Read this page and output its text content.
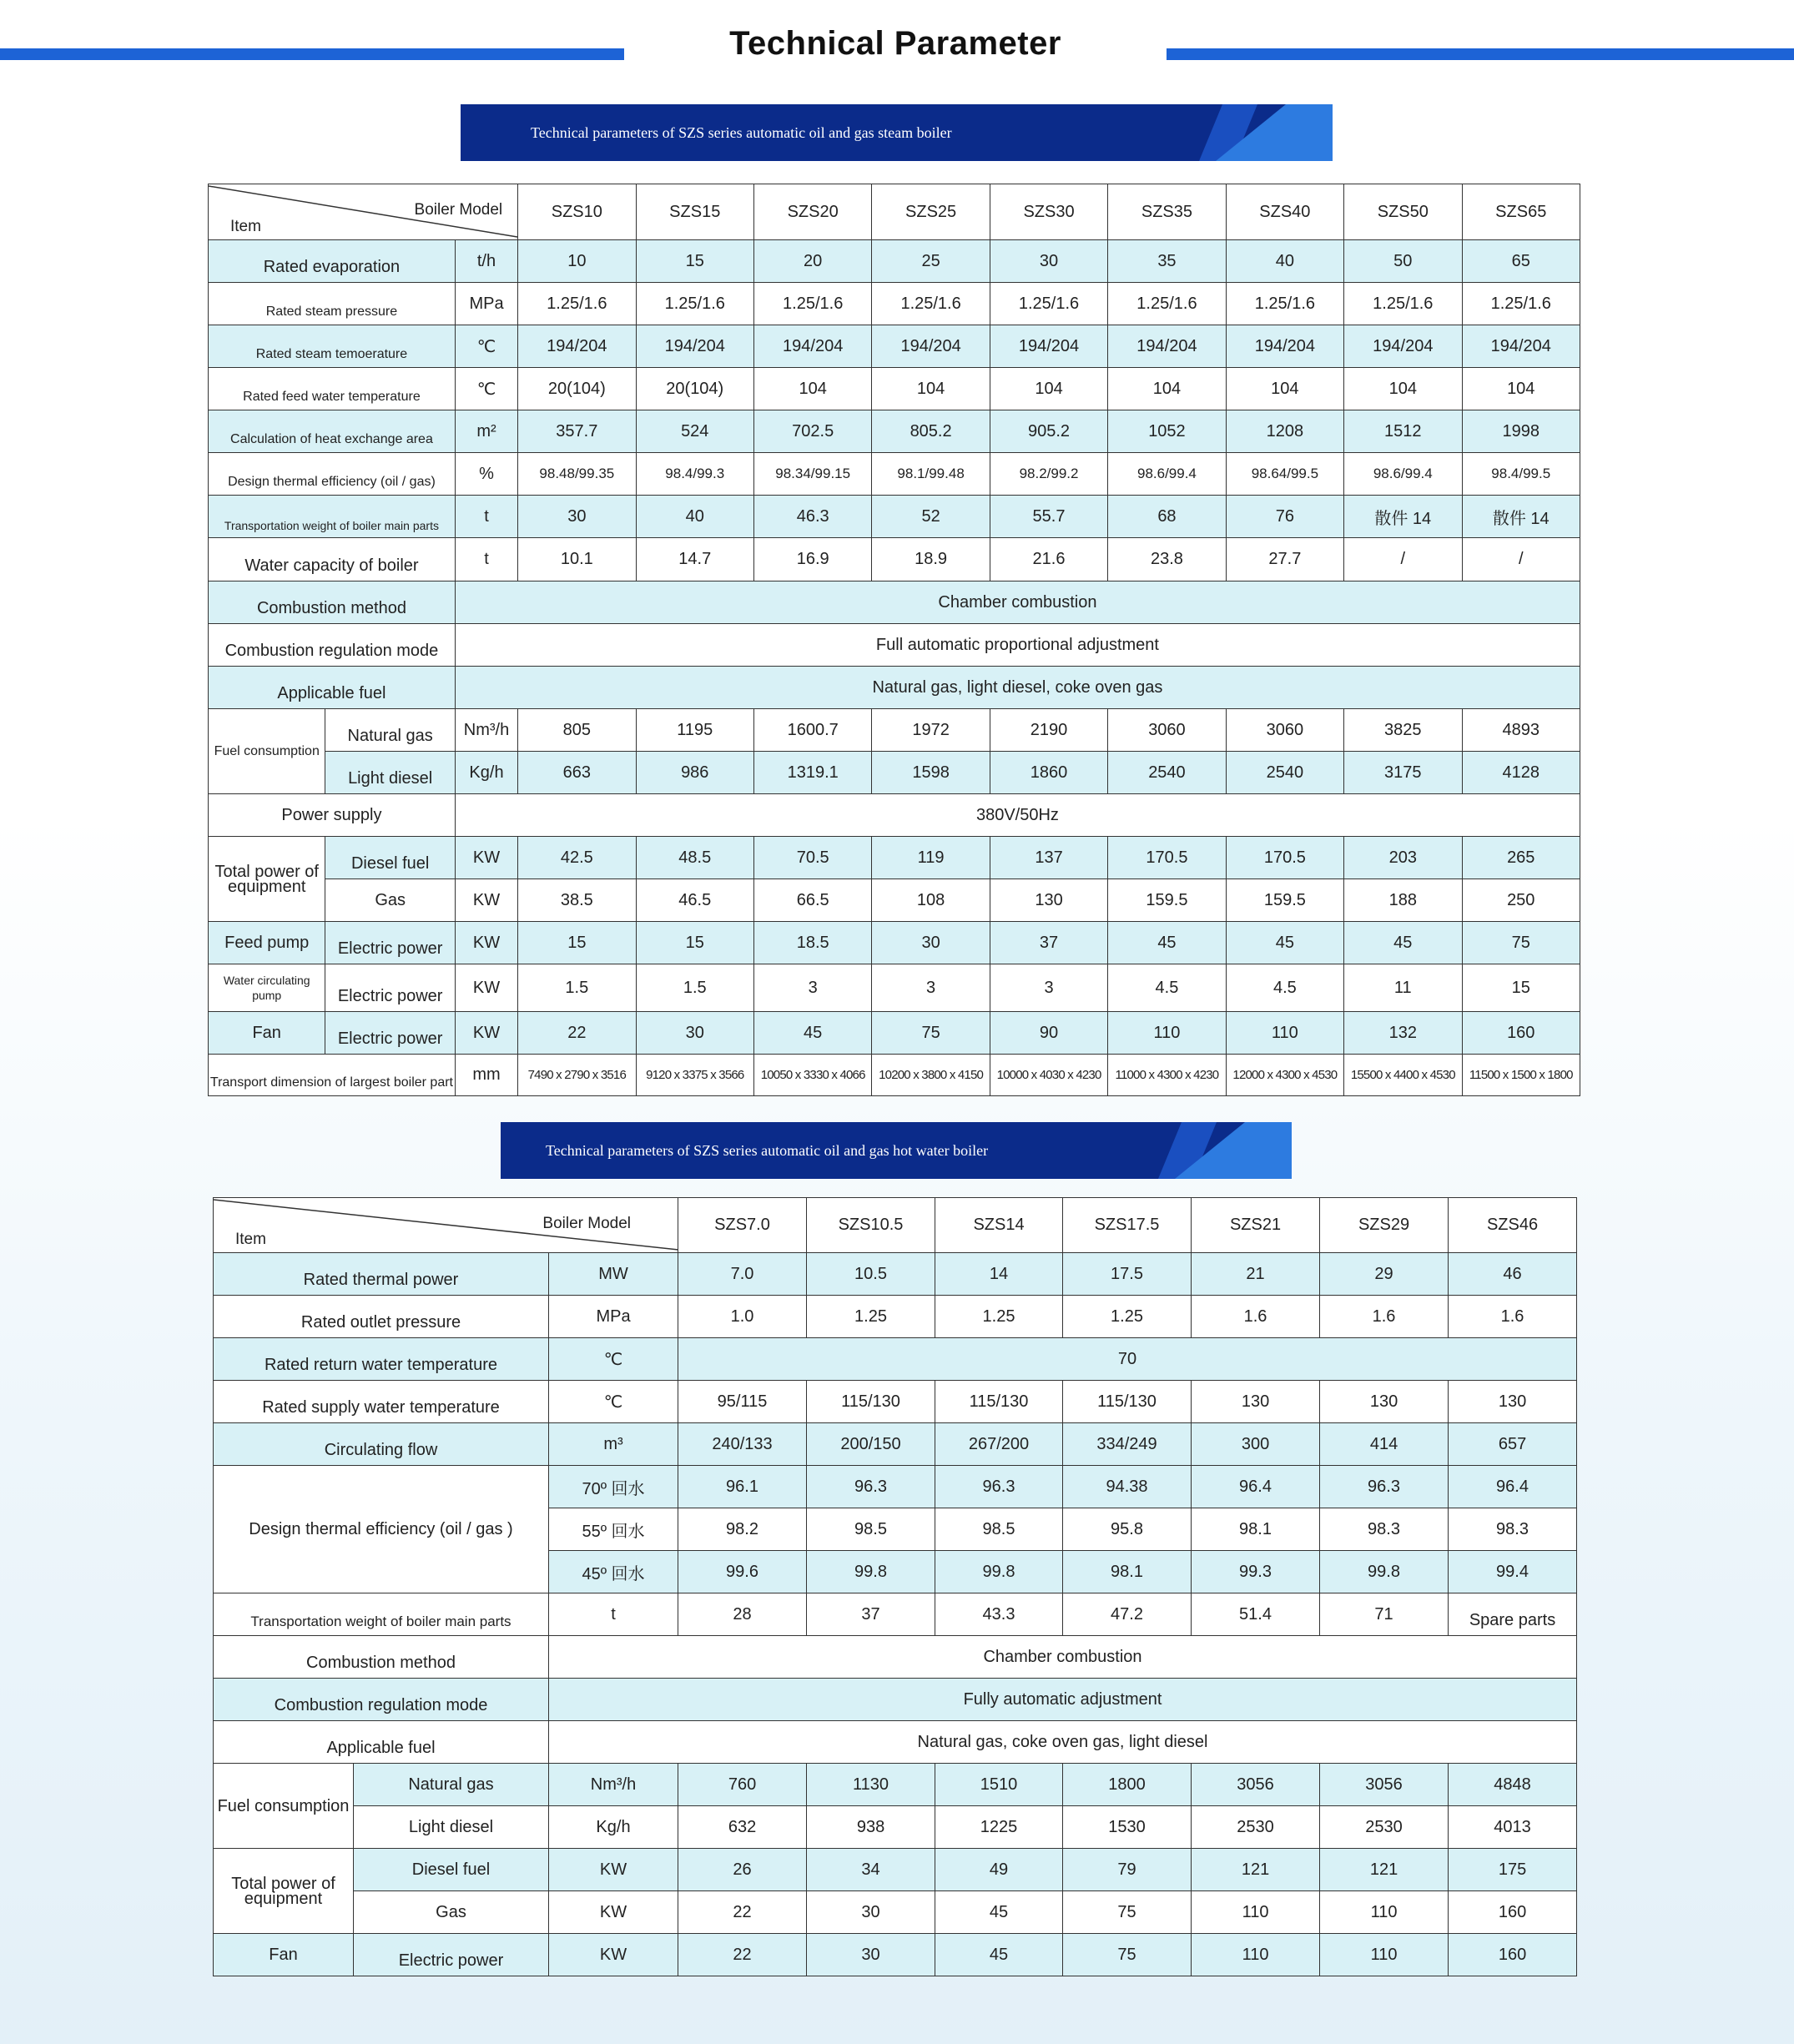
Technical Parameter
Technical parameters of SZS series automatic oil and gas steam boiler
Boiler Model
Item			SZS10	SZS15	SZS20	SZS25	SZS30	SZS35	SZS40	SZS50	SZS65
Rated evaporation		t/h	10	15	20	25	30	35	40	50	65
Rated steam pressure		MPa	1.25/1.6	1.25/1.6	1.25/1.6	1.25/1.6	1.25/1.6	1.25/1.6	1.25/1.6	1.25/1.6	1.25/1.6
Rated steam temoerature		℃	194/204	194/204	194/204	194/204	194/204	194/204	194/204	194/204	194/204
Rated feed water temperature		℃	20(104)	20(104)	104	104	104	104	104	104	104
Calculation of heat exchange area		m²	357.7	524	702.5	805.2	905.2	1052	1208	1512	1998
Design thermal efficiency (oil / gas)		%	98.48/99.35	98.4/99.3	98.34/99.15	98.1/99.48	98.2/99.2	98.6/99.4	98.64/99.5	98.6/99.4	98.4/99.5
Transportation weight of boiler main parts		t	30	40	46.3	52	55.7	68	76	散件 14	散件 14
Water capacity of boiler		t	10.1	14.7	16.9	18.9	21.6	23.8	27.7	/	/
Combustion method		Chamber combustion									
Combustion regulation mode		Full automatic proportional adjustment									
Applicable fuel		Natural gas, light diesel, coke oven gas									
Fuel consumption	Natural gas	Nm³/h	805	1195	1600.7	1972	2190	3060	3060	3825	4893
	Light diesel	Kg/h	663	986	1319.1	1598	1860	2540	2540	3175	4128
Power supply		380V/50Hz									
Total power of equipment	Diesel fuel	KW	42.5	48.5	70.5	119	137	170.5	170.5	203	265
	Gas	KW	38.5	46.5	66.5	108	130	159.5	159.5	188	250
Feed pump	Electric power	KW	15	15	18.5	30	37	45	45	45	75
Water circulating pump	Electric power	KW	1.5	1.5	3	3	3	4.5	4.5	11	15
Fan	Electric power	KW	22	30	45	75	90	110	110	132	160
Transport dimension of largest boiler part		mm	7490 x 2790 x 3516	9120 x 3375 x 3566	10050 x 3330 x 4066	10200 x 3800 x 4150	10000 x 4030 x 4230	11000 x 4300 x 4230	12000 x 4300 x 4530	15500 x 4400 x 4530	11500 x 1500 x 1800
Technical parameters of SZS series automatic oil and gas hot water boiler
Boiler Model
Item			SZS7.0	SZS10.5	SZS14	SZS17.5	SZS21	SZS29	SZS46
Rated thermal power		MW	7.0	10.5	14	17.5	21	29	46
Rated outlet pressure		MPa	1.0	1.25	1.25	1.25	1.6	1.6	1.6
Rated return water temperature		℃	70						
Rated supply water temperature		℃	95/115	115/130	115/130	115/130	130	130	130
Circulating flow		m³	240/133	200/150	267/200	334/249	300	414	657
Design thermal efficiency (oil / gas )		70º 回水	96.1	96.3	96.3	94.38	96.4	96.3	96.4
		55º 回水	98.2	98.5	98.5	95.8	98.1	98.3	98.3
		45º 回水	99.6	99.8	99.8	98.1	99.3	99.8	99.4
Transportation weight of boiler main parts		t	28	37	43.3	47.2	51.4	71	Spare parts
Combustion method		Chamber combustion							
Combustion regulation mode		Fully automatic adjustment							
Applicable fuel		Natural gas, coke oven gas, light diesel							
Fuel consumption	Natural gas	Nm³/h	760	1130	1510	1800	3056	3056	4848
	Light diesel	Kg/h	632	938	1225	1530	2530	2530	4013
Total power of equipment	Diesel fuel	KW	26	34	49	79	121	121	175
	Gas	KW	22	30	45	75	110	110	160
Fan	Electric power	KW	22	30	45	75	110	110	160
